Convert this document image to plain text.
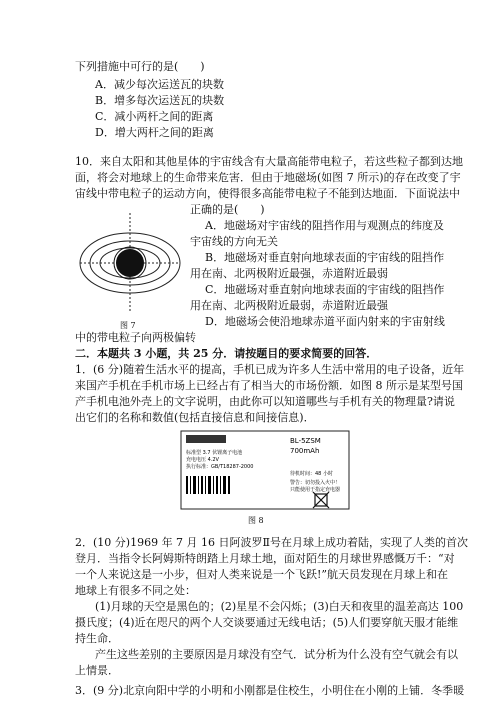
下列措施中可行的是(　　)
A．减少每次运送瓦的块数
B．增多每次运送瓦的块数
C．减小两杆之间的距离
D．增大两杆之间的距离
10．来自太阳和其他星体的宇宙线含有大量高能带电粒子，若这些粒子都到达地
面，将会对地球上的生命带来危害．但由于地磁场(如图 7 所示)的存在改变了宇
宙线中带电粒子的运动方向，使得很多高能带电粒子不能到达地面．下面说法中
正确的是(　　)
图 7
A．地磁场对宇宙线的阻挡作用与观测点的纬度及
宇宙线的方向无关
B．地磁场对垂直射向地球表面的宇宙线的阻挡作
用在南、北两极附近最强，赤道附近最弱
C．地磁场对垂直射向地球表面的宇宙线的阻挡作
用在南、北两极附近最弱，赤道附近最强
D．地磁场会使沿地球赤道平面内射来的宇宙射线
中的带电粒子向两极偏转
二．本题共 3 小题，共 25 分．请按题目的要求简要的回答．
1．(6 分)随着生活水平的提高，手机已成为许多人生活中常用的电子设备，近年
来国产手机在手机市场上已经占有了相当大的市场份额．如图 8 所示是某型号国
产手机电池外壳上的文字说明，由此你可以知道哪些与手机有关的物理量?请说
出它们的名称和数值(包括直接信息和间接信息)．
BL-5ZSM
700mAh
标准型 3.7 伏锂离子电池
充电电压 4.2V
执行标准：GB/T18287-2000
待机时间：48 小时
警告：切勿投入火中！
只能使用于指定充电器
图 8
2．(10 分)1969 年 7 月 16 日阿波罗Ⅱ号在月球上成功着陆，实现了人类的首次
登月．当指令长阿姆斯特朗踏上月球土地，面对陌生的月球世界感慨万千：“对
一个人来说这是一小步，但对人类来说是一个飞跃!”航天员发现在月球上和在
地球上有很多不同之处：
(1)月球的天空是黑色的；(2)星星不会闪烁；(3)白天和夜里的温差高达 100
摄氏度；(4)近在咫尺的两个人交谈要通过无线电话；(5)人们要穿航天服才能维
持生命．
产生这些差别的主要原因是月球没有空气．试分析为什么没有空气就会有以
上情景．
3．(9 分)北京向阳中学的小明和小刚都是住校生，小明住在小刚的上铺．冬季暖
